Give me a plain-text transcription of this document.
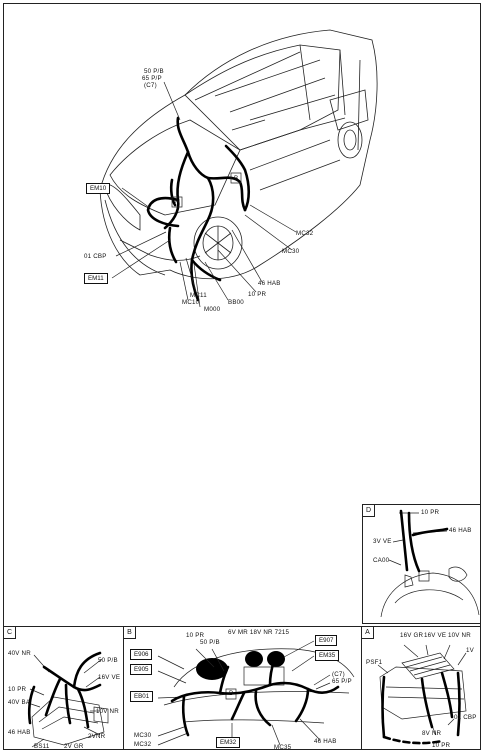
50 P/B
65 P/P
(C7)
EM10
01 CBP
EM11
MC11
MC10
M000
BB00
10 PR
46 HAB
MC30
MC32
A
B
D	10 PR
3V VE
46 HAB
CA00
C
40V NR
50 P/B
16V VE
10 PR
40V BA
10V NR
2VNR
46 HAB
BS11 2V GR
B
E906
E905
EB01
EM32
E907
EM35
10 PR
50 P/B
6V MR 18V NR 7215
(C7)
65 P/P
MC30
MC32	MC35
46 HAB
D
A	16V GR 16V VE 10V NR
PSF1
1V
8V NR
01 CBP
10 PR
